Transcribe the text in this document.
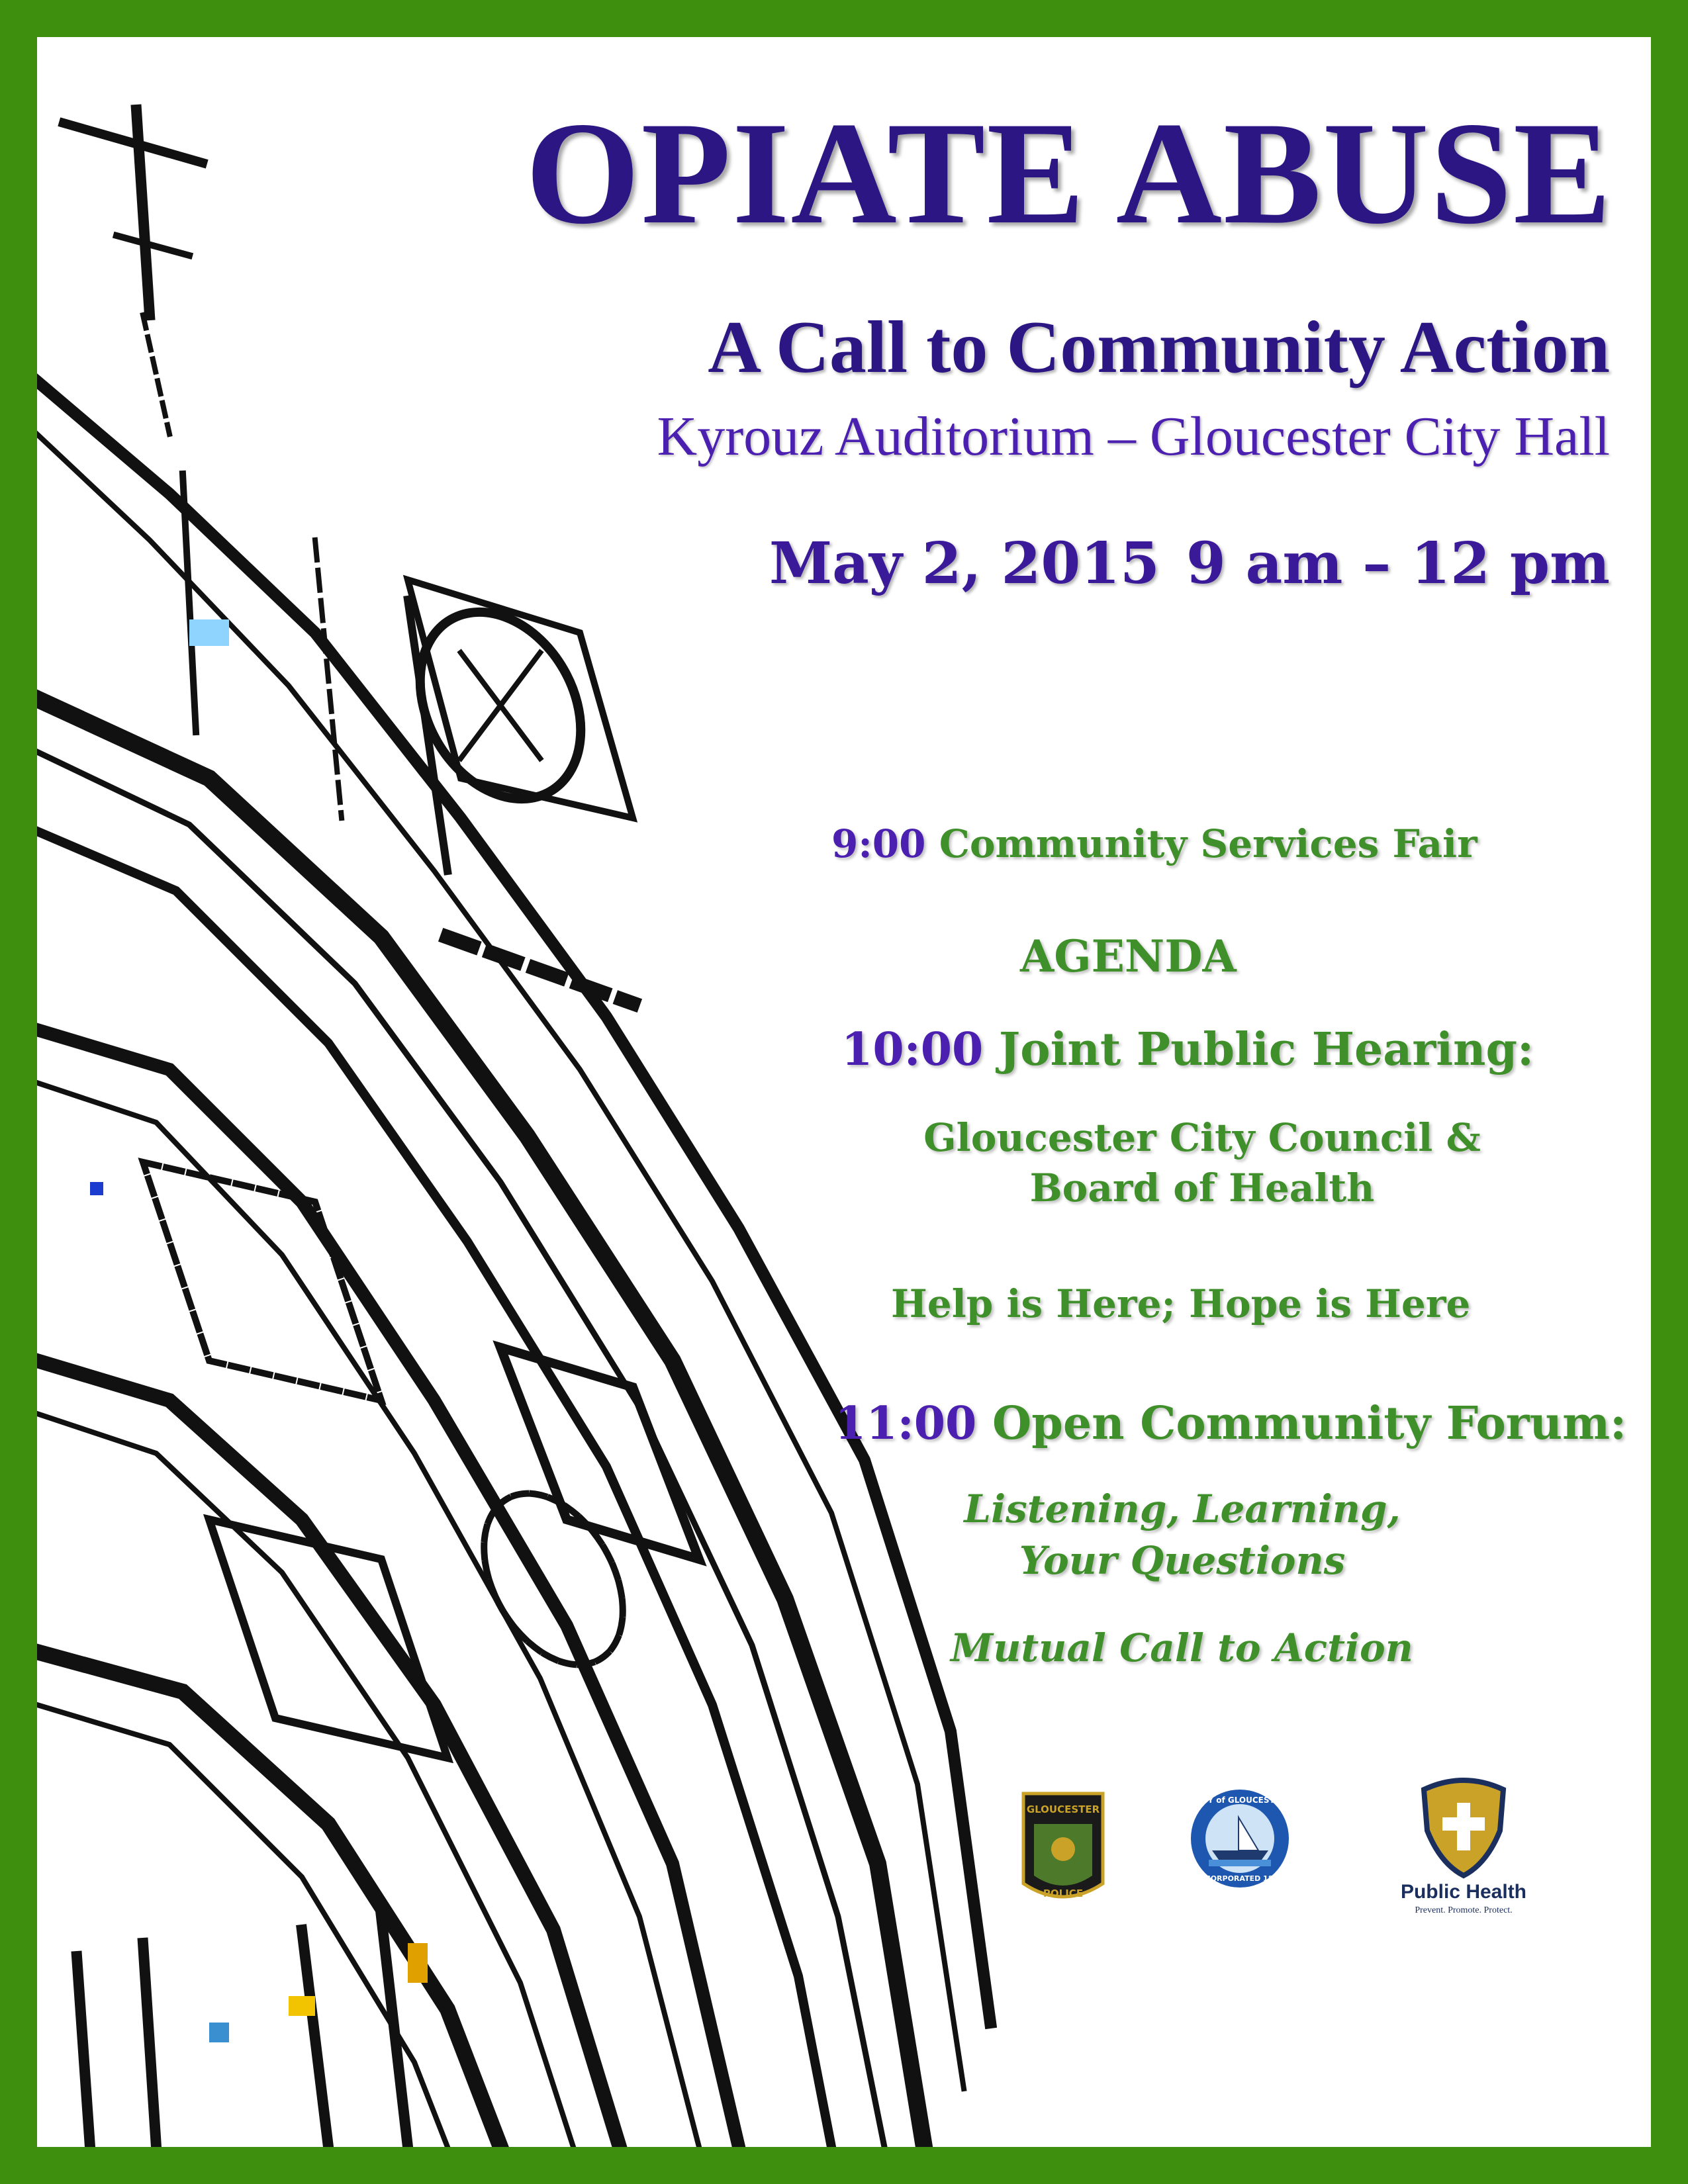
OPIATE ABUSE
A Call to Community Action
Kyrouz Auditorium – Gloucester City Hall
May 2, 2015 9 am – 12 pm
9:00 Community Services Fair
AGENDA
10:00 Joint Public Hearing:
Gloucester City Council &
Board of Health
Help is Here; Hope is Here
11:00 Open Community Forum:
Listening, Learning,
Your Questions
Mutual Call to Action
GLOUCESTER
POLICE
CITY of GLOUCESTER
INCORPORATED 1873
Public Health
Prevent. Promote. Protect.
